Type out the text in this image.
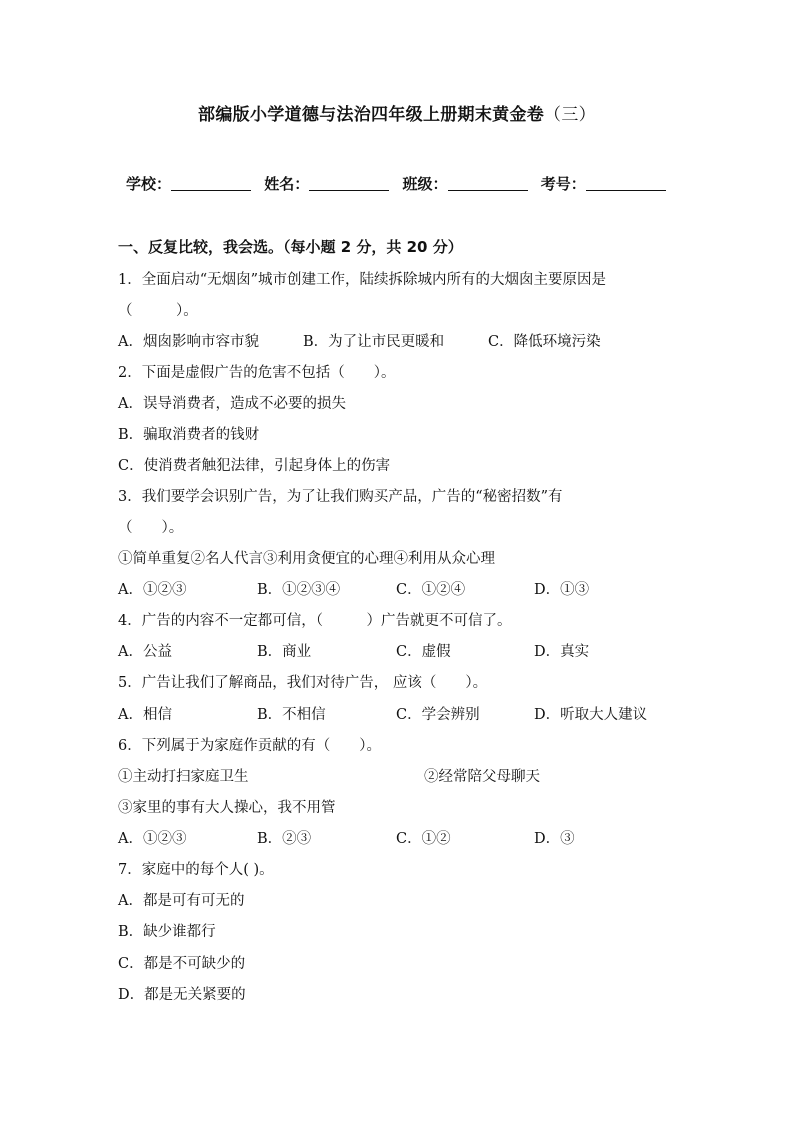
部编版小学道德与法治四年级上册期末黄金卷（三）
学校：	姓名：	班级：	考号：
一、反复比较，我会选。（每小题 2 分，共 20 分）
1．全面启动“无烟囱”城市创建工作，陆续拆除城内所有的大烟囱主要原因是
（　　　）。
A．烟囱影响市容市貌	B．为了让市民更暖和	C．降低环境污染
2．下面是虚假广告的危害不包括（　　）。
A．误导消费者，造成不必要的损失
B．骗取消费者的钱财
C．使消费者触犯法律，引起身体上的伤害
3．我们要学会识别广告，为了让我们购买产品，广告的“秘密招数”有
（　　）。
①简单重复②名人代言③利用贪便宜的心理④利用从众心理
A．①②③	B．①②③④	C．①②④	D．①③
4．广告的内容不一定都可信，（　　　）广告就更不可信了。
A．公益	B．商业	C．虚假	D．真实
5．广告让我们了解商品，我们对待广告， 应该（　　）。
A．相信	B．不相信	C．学会辨别	D．听取大人建议
6．下列属于为家庭作贡献的有（　　）。
①主动打扫家庭卫生	②经常陪父母聊天
③家里的事有大人操心，我不用管
A．①②③	B．②③	C．①②	D．③
7．家庭中的每个人( )。
A．都是可有可无的
B．缺少谁都行
C．都是不可缺少的
D．都是无关紧要的
